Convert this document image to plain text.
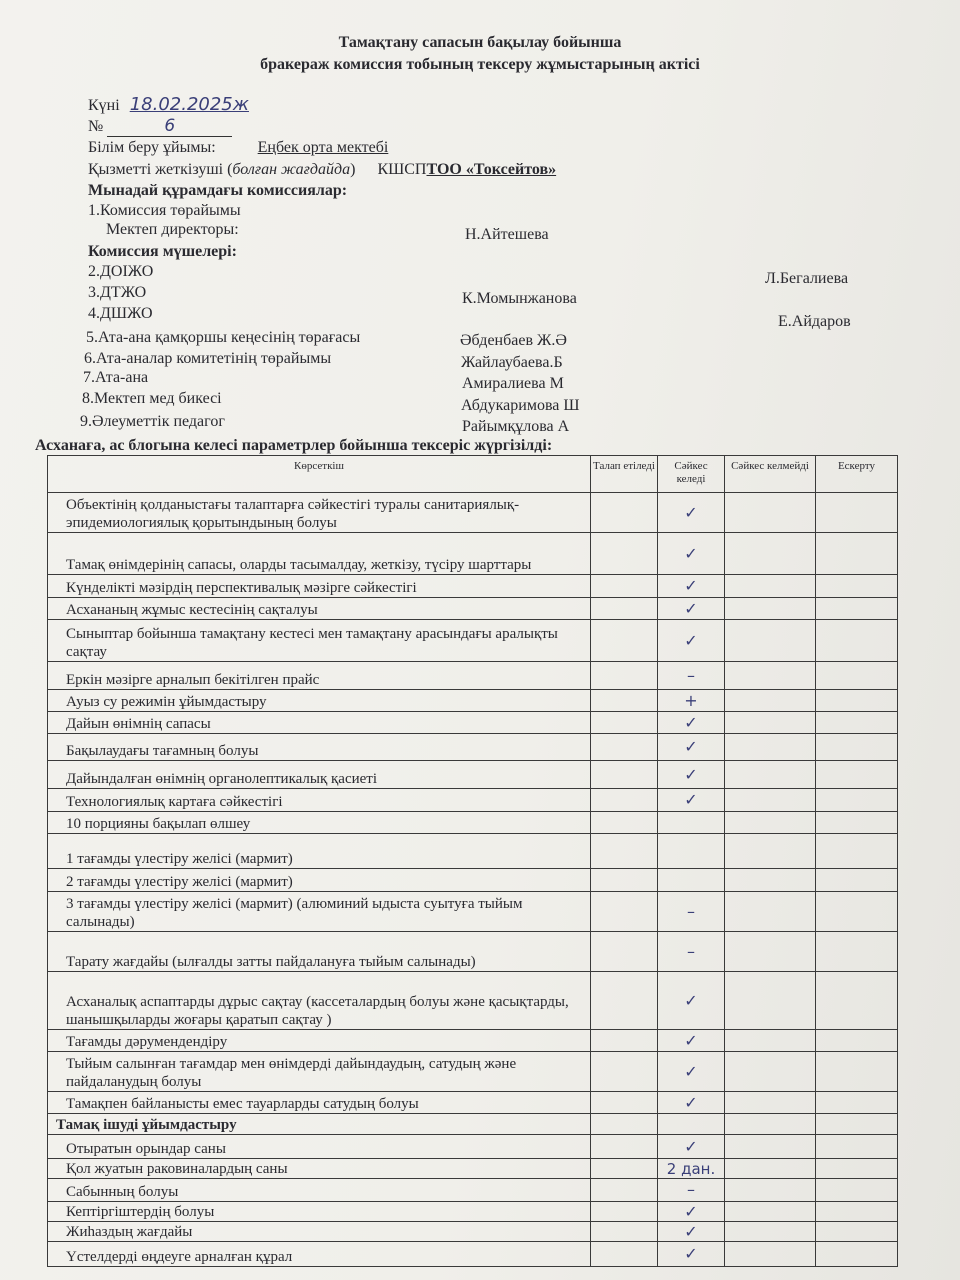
Тамақтану сапасын бақылау бойынша
бракераж комиссия тобының тексеру жұмыстарының актісі
Күні 18.02.2025ж
№	6
Білім беру ұйымы:	Еңбек орта мектебі
Қызметті жеткізуші (болған жағдайда) КШСПТОО «Токсейтов»
Мынадай құрамдағы комиссиялар:
1.Комиссия төрайымы
Мектеп директоры:	Н.Айтешева
Комиссия мүшелері:
2.ДОІЖО	Л.Бегалиева
3.ДТЖО	К.Момынжанова
4.ДШЖО	Е.Айдаров
5.Ата-ана қамқоршы кеңесінің төрағасы	Әбденбаев Ж.Ә
6.Ата-аналар комитетінің төрайымы	Жайлаубаева.Б
7.Ата-ана	Амиралиева М
8.Мектеп мед бикесі	Абдукаримова Ш
9.Әлеуметтік педагог	Райымқұлова А
Асханаға, ас блогына келесі параметрлер бойынша тексеріс жүргізілді:
Көрсеткіш	Талап етіледі	Сәйкес келеді	Сәйкес келмейді	Ескерту
Объектінің қолданыстағы талаптарға сәйкестігі туралы санитариялық-эпидемиологиялық қорытындының болуы		✓		
Тамақ өнімдерінің сапасы, оларды тасымалдау, жеткізу, түсіру шарттары		✓		
Күнделікті мәзірдің перспективалық мәзірге сәйкестігі		✓		
Асхананың жұмыс кестесінің сақталуы		✓		
Сыныптар бойынша тамақтану кестесі мен тамақтану арасындағы аралықты сақтау		✓		
Еркін мәзірге арналып бекітілген прайс		–		
Ауыз су режимін ұйымдастыру		+		
Дайын өнімнің сапасы		✓		
Бақылаудағы тағамның болуы		✓		
Дайындалған өнімнің органолептикалық қасиеті		✓		
Технологиялық картаға сәйкестігі		✓		
10 порцияны бақылап өлшеу				
1 тағамды үлестіру желісі (мармит)				
2 тағамды үлестіру желісі (мармит)				
3 тағамды үлестіру желісі (мармит) (алюминий ыдыста суытуға тыйым салынады)		–		
Тарату жағдайы (ылғалды затты пайдалануға тыйым салынады)		–		
Асханалық аспаптарды дұрыс сақтау (кассеталардың болуы және қасықтарды, шанышқыларды жоғары қаратып сақтау )		✓		
Тағамды дәрумендендіру		✓		
Тыйым салынған тағамдар мен өнімдерді дайындаудың, сатудың және пайдаланудың болуы		✓		
Тамақпен байланысты емес тауарларды сатудың болуы		✓		
Тамақ ішуді ұйымдастыру				
Отыратын орындар саны		✓		
Қол жуатын раковиналардың саны		2 дан.		
Сабынның болуы		–		
Кептіргіштердің болуы		✓		
Жиhаздың жағдайы		✓		
Үстелдерді өңдеуге арналған құрал		✓		
